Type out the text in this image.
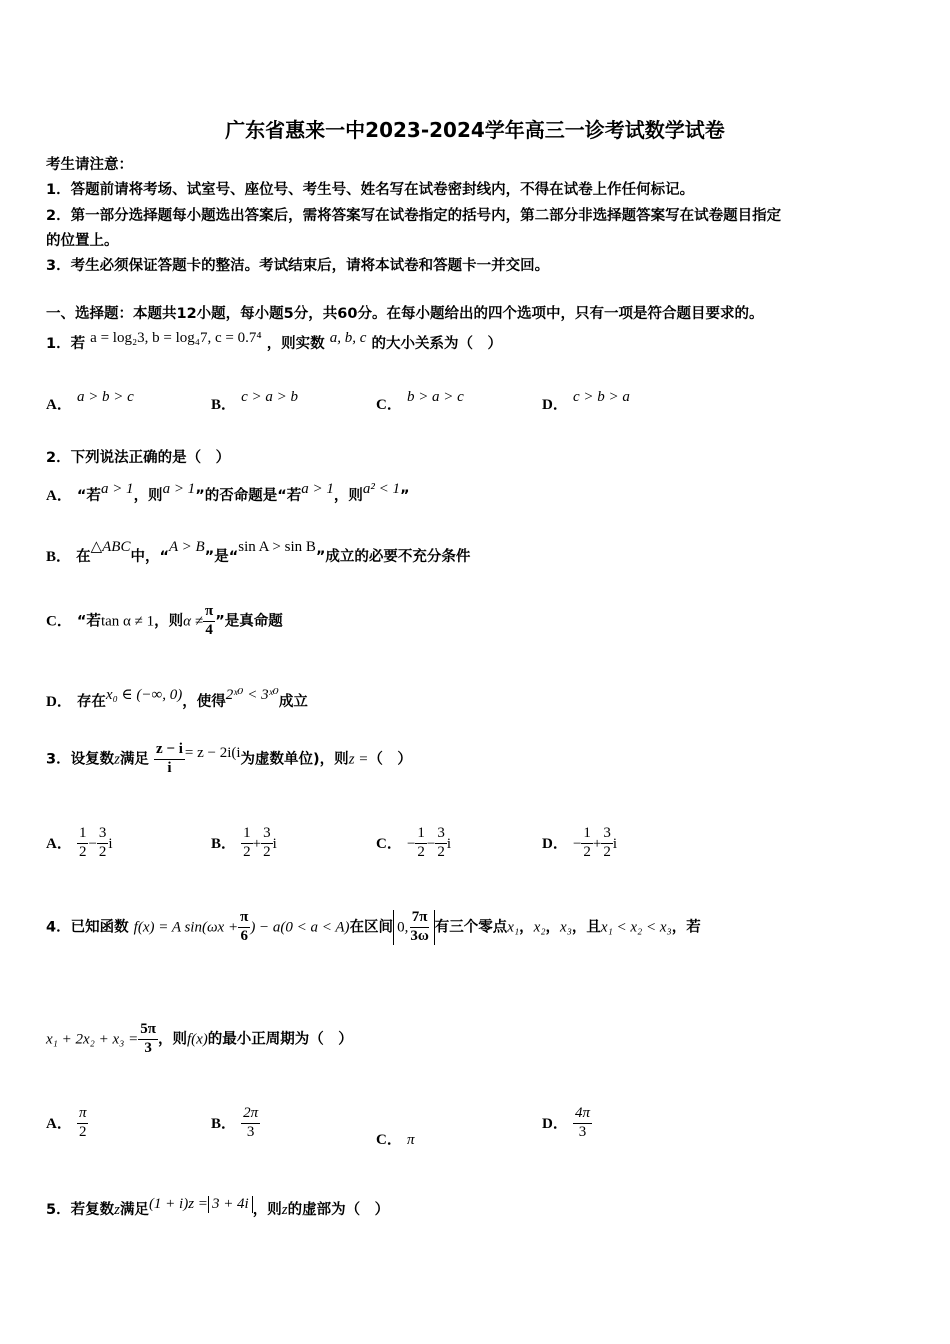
广东省惠来一中2023-2024学年高三一诊考试数学试卷
考生请注意：
1．答题前请将考场、试室号、座位号、考生号、姓名写在试卷密封线内，不得在试卷上作任何标记。
2．第一部分选择题每小题选出答案后，需将答案写在试卷指定的括号内，第二部分非选择题答案写在试卷题目指定
的位置上。
3．考生必须保证答题卡的整洁。考试结束后，请将本试卷和答题卡一并交回。
一、选择题：本题共12小题，每小题5分，共60分。在每小题给出的四个选项中，只有一项是符合题目要求的。
1．若 a = log₂3, b = log₄7, c = 0.7⁴ ，则实数 a, b, c 的大小关系为（　）
A． a > b > c	B． c > a > b	C． b > a > c	D． c > b > a
2．下列说法正确的是（　）
A． “若a > 1，则a > 1”的否命题是“若a > 1，则a² < 1”
B． 在△ABC中，“A > B”是“sin A > sin B”成立的必要不充分条件
C． “若tan α ≠ 1，则$\alpha \ne \frac{\pi}{4}$ ”是真命题
D． 存在x₀ ∈ (−∞, 0)，使得2ˣ⁰ < 3ˣ⁰成立
3．设复数z满足 $\frac{z - i}{i} = z - 2i(i$为虚数单位)，则z =（　）
A． $\frac{1}{2} - \frac{3}{2}$ i	B． $\frac{1}{2} + \frac{3}{2}$ i	C． − $\frac{1}{2} - \frac{3}{2}$ i	D． − $\frac{1}{2} + \frac{3}{2}$ i
4．已知函数 f(x) = A $\sin(\omega x + \frac{\pi}{6}$ ) − a(0 < a < A)在区间 0, $\frac{7\pi}{3\omega}$ 有三个零点x₁，x₂，x₃，且x₁ < x₂ < x₃，若
$x_1 + 2x_2 + x_3 = \frac{5\pi}{3}$ ，则f(x)的最小正周期为（　）
A． $\frac{\pi}{2}$	B． $\frac{2\pi}{3}$	C． π
D． $\frac{4\pi}{3}$
5．若复数z满足(1 + i)z = 3 + 4i ，则z的虚部为（　）
